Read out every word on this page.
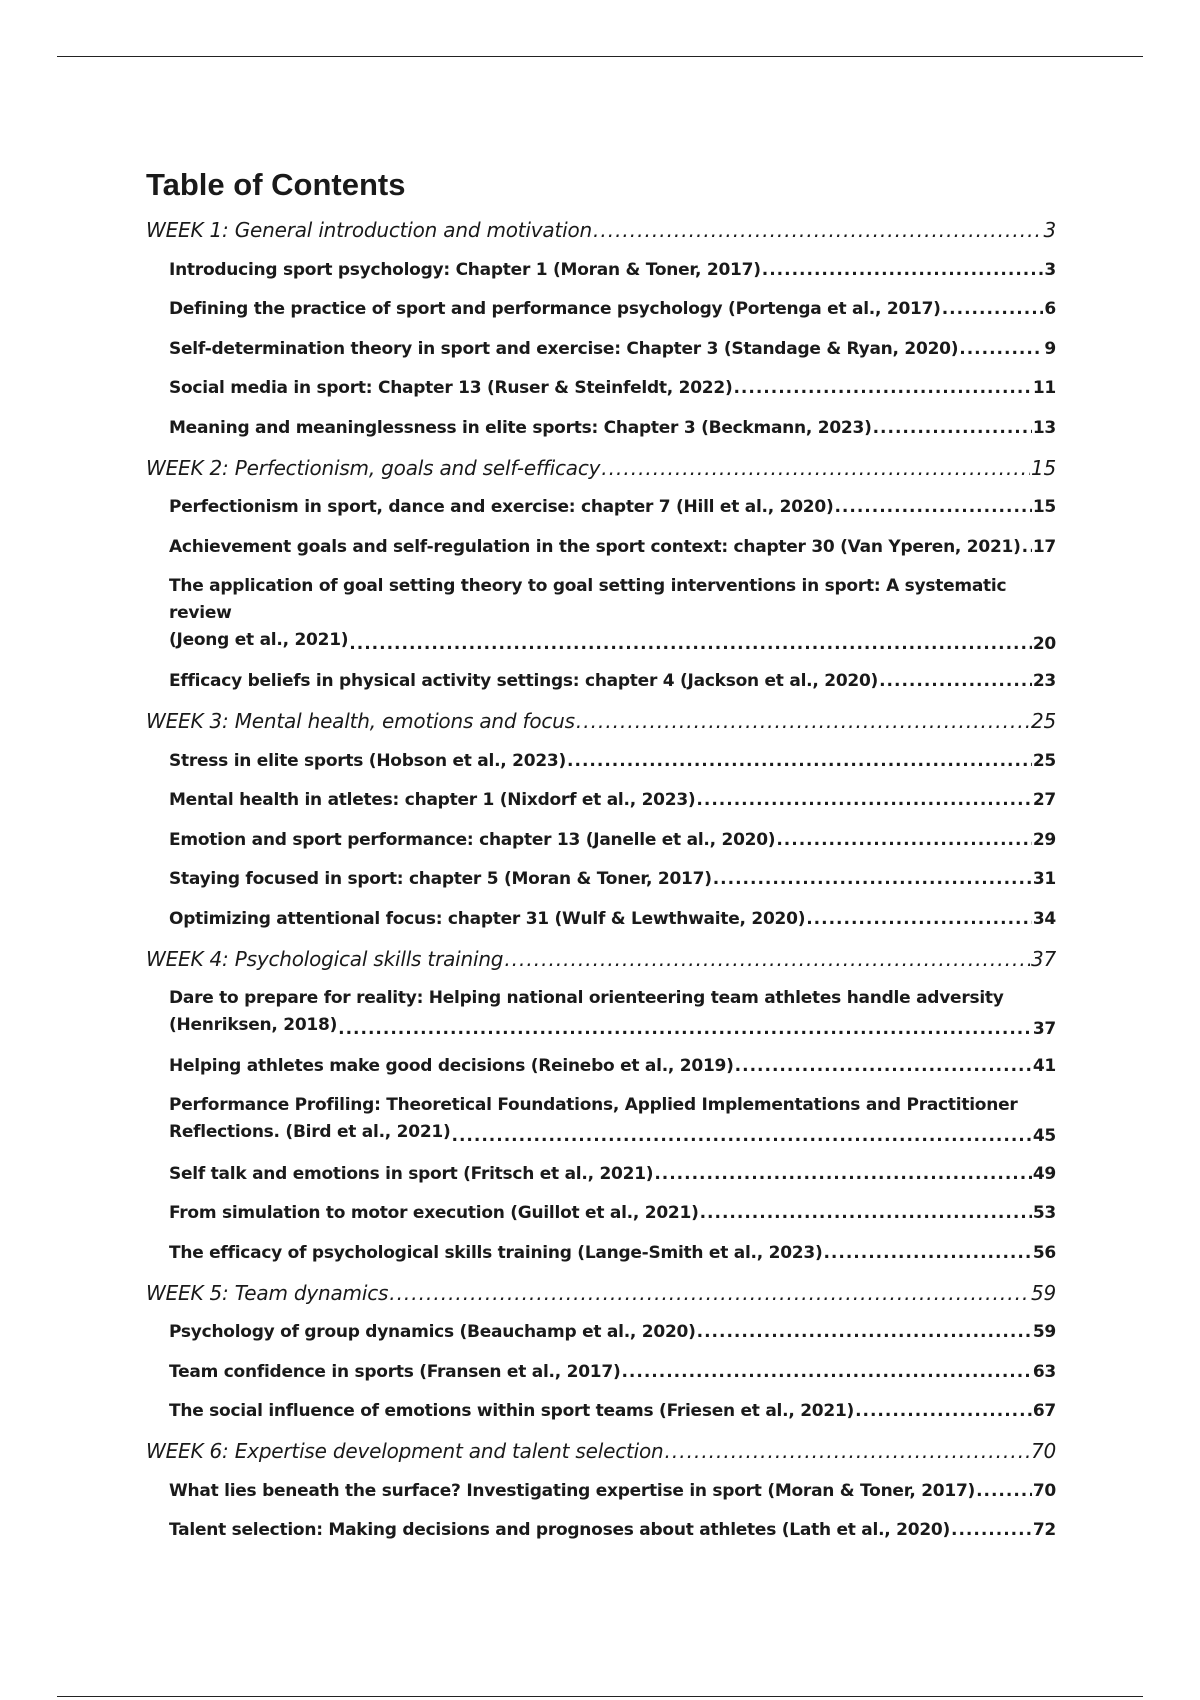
Table of Contents
WEEK 1: General introduction and motivation .....	3
Introducing sport psychology: Chapter 1 (Moran & Toner, 2017) .....	3
Defining the practice of sport and performance psychology (Portenga et al., 2017) .....	6
Self-determination theory in sport and exercise: Chapter 3 (Standage & Ryan, 2020) .....	9
Social media in sport: Chapter 13 (Ruser & Steinfeldt, 2022) .....	11
Meaning and meaninglessness in elite sports: Chapter 3 (Beckmann, 2023) .....	13
WEEK 2: Perfectionism, goals and self-efficacy .....	15
Perfectionism in sport, dance and exercise: chapter 7 (Hill et al., 2020) .....	15
Achievement goals and self-regulation in the sport context: chapter 30 (Van Yperen, 2021) ..... 17
The application of goal setting theory to goal setting interventions in sport: A systematic review
(Jeong et al., 2021) .....	20
Efficacy beliefs in physical activity settings: chapter 4 (Jackson et al., 2020) .....	23
WEEK 3: Mental health, emotions and focus .....	25
Stress in elite sports (Hobson et al., 2023) .....	25
Mental health in atletes: chapter 1 (Nixdorf et al., 2023) .....	27
Emotion and sport performance: chapter 13 (Janelle et al., 2020) .....	29
Staying focused in sport: chapter 5 (Moran & Toner, 2017) .....	31
Optimizing attentional focus: chapter 31 (Wulf & Lewthwaite, 2020) .....	34
WEEK 4: Psychological skills training .....	37
Dare to prepare for reality: Helping national orienteering team athletes handle adversity
(Henriksen, 2018) .....	37
Helping athletes make good decisions (Reinebo et al., 2019) .....	41
Performance Profiling: Theoretical Foundations, Applied Implementations and Practitioner
Reflections. (Bird et al., 2021) .....	45
Self talk and emotions in sport (Fritsch et al., 2021) .....	49
From simulation to motor execution (Guillot et al., 2021) .....	53
The efficacy of psychological skills training (Lange-Smith et al., 2023) .....	56
WEEK 5: Team dynamics .....	59
Psychology of group dynamics (Beauchamp et al., 2020) .....	59
Team confidence in sports (Fransen et al., 2017) .....	63
The social influence of emotions within sport teams (Friesen et al., 2021) .....	67
WEEK 6: Expertise development and talent selection .....	70
What lies beneath the surface? Investigating expertise in sport (Moran & Toner, 2017) .....	70
Talent selection: Making decisions and prognoses about athletes (Lath et al., 2020) .....	72
